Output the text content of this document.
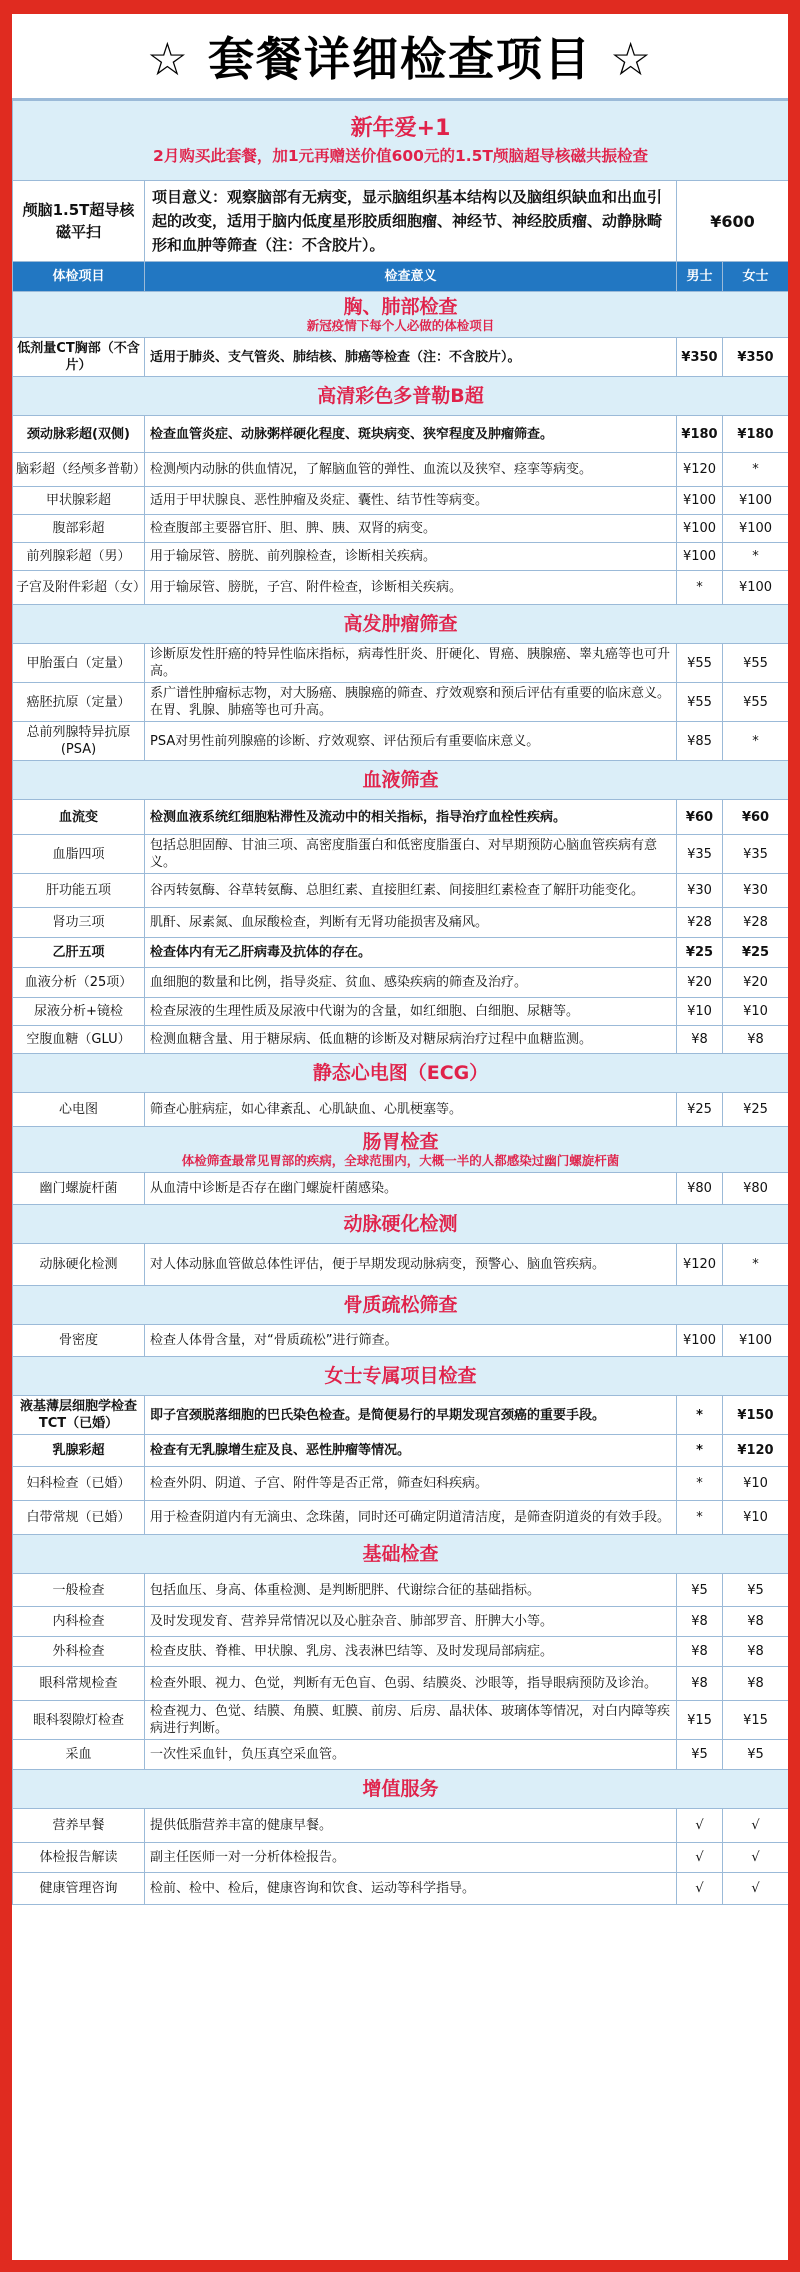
☆ 套餐详细检查项目 ☆
新年爱+1
2月购买此套餐，加1元再赠送价值600元的1.5T颅脑超导核磁共振检查			

颅脑1.5T超导核磁平扫	项目意义：观察脑部有无病变，显示脑组织基本结构以及脑组织缺血和出血引起的改变，适用于脑内低度星形胶质细胞瘤、神经节、神经胶质瘤、动静脉畸形和血肿等筛查（注：不含胶片）。	¥600	
体检项目	检查意义	男士	女士

胸、肺部检查
新冠疫情下每个人必做的体检项目			

低剂量CT胸部（不含片）	适用于肺炎、支气管炎、肺结核、肺癌等检查（注：不含胶片）。	¥350	¥350

高清彩色多普勒B超			

颈动脉彩超(双侧)	检查血管炎症、动脉粥样硬化程度、斑块病变、狭窄程度及肿瘤筛查。	¥180	¥180
脑彩超（经颅多普勒）	检测颅内动脉的供血情况，了解脑血管的弹性、血流以及狭窄、痉挛等病变。	¥120	*
甲状腺彩超	适用于甲状腺良、恶性肿瘤及炎症、囊性、结节性等病变。	¥100	¥100
腹部彩超	检查腹部主要器官肝、胆、脾、胰、双肾的病变。	¥100	¥100
前列腺彩超（男）	用于输尿管、膀胱、前列腺检查，诊断相关疾病。	¥100	*
子宫及附件彩超（女）	用于输尿管、膀胱，子宫、附件检查，诊断相关疾病。	*	¥100

高发肿瘤筛查			

甲胎蛋白（定量）	诊断原发性肝癌的特异性临床指标，病毒性肝炎、肝硬化、胃癌、胰腺癌、睾丸癌等也可升高。	¥55	¥55
癌胚抗原（定量）	系广谱性肿瘤标志物，对大肠癌、胰腺癌的筛查、疗效观察和预后评估有重要的临床意义。在胃、乳腺、肺癌等也可升高。	¥55	¥55
总前列腺特异抗原(PSA)	PSA对男性前列腺癌的诊断、疗效观察、评估预后有重要临床意义。	¥85	*

血液筛查			

血流变	检测血液系统红细胞粘滞性及流动中的相关指标，指导治疗血栓性疾病。	¥60	¥60
血脂四项	包括总胆固醇、甘油三项、高密度脂蛋白和低密度脂蛋白、对早期预防心脑血管疾病有意义。	¥35	¥35
肝功能五项	谷丙转氨酶、谷草转氨酶、总胆红素、直接胆红素、间接胆红素检查了解肝功能变化。	¥30	¥30
肾功三项	肌酐、尿素氮、血尿酸检查，判断有无肾功能损害及痛风。	¥28	¥28
乙肝五项	检查体内有无乙肝病毒及抗体的存在。	¥25	¥25
血液分析（25项）	血细胞的数量和比例，指导炎症、贫血、感染疾病的筛查及治疗。	¥20	¥20
尿液分析+镜检	检查尿液的生理性质及尿液中代谢为的含量，如红细胞、白细胞、尿糖等。	¥10	¥10
空腹血糖（GLU）	检测血糖含量、用于糖尿病、低血糖的诊断及对糖尿病治疗过程中血糖监测。	¥8	¥8

静态心电图（ECG）			

心电图	筛查心脏病症，如心律紊乱、心肌缺血、心肌梗塞等。	¥25	¥25

肠胃检查
体检筛查最常见胃部的疾病，全球范围内，大概一半的人都感染过幽门螺旋杆菌			

幽门螺旋杆菌	从血清中诊断是否存在幽门螺旋杆菌感染。	¥80	¥80

动脉硬化检测			

动脉硬化检测	对人体动脉血管做总体性评估，便于早期发现动脉病变，预警心、脑血管疾病。	¥120	*

骨质疏松筛查			

骨密度	检查人体骨含量，对“骨质疏松”进行筛查。	¥100	¥100

女士专属项目检查			

液基薄层细胞学检查TCT（已婚）	即子宫颈脱落细胞的巴氏染色检查。是简便易行的早期发现宫颈癌的重要手段。	*	¥150
乳腺彩超	检查有无乳腺增生症及良、恶性肿瘤等情况。	*	¥120
妇科检查（已婚）	检查外阴、阴道、子宫、附件等是否正常，筛查妇科疾病。	*	¥10
白带常规（已婚）	用于检查阴道内有无滴虫、念珠菌，同时还可确定阴道清洁度，是筛查阴道炎的有效手段。	*	¥10

基础检查			

一般检查	包括血压、身高、体重检测、是判断肥胖、代谢综合征的基础指标。	¥5	¥5
内科检查	及时发现发育、营养异常情况以及心脏杂音、肺部罗音、肝脾大小等。	¥8	¥8
外科检查	检查皮肤、脊椎、甲状腺、乳房、浅表淋巴结等、及时发现局部病症。	¥8	¥8
眼科常规检查	检查外眼、视力、色觉，判断有无色盲、色弱、结膜炎、沙眼等，指导眼病预防及诊治。	¥8	¥8
眼科裂隙灯检查	检查视力、色觉、结膜、角膜、虹膜、前房、后房、晶状体、玻璃体等情况，对白内障等疾病进行判断。	¥15	¥15
采血	一次性采血针，负压真空采血管。	¥5	¥5

增值服务			

营养早餐	提供低脂营养丰富的健康早餐。	√	√
体检报告解读	副主任医师一对一分析体检报告。	√	√
健康管理咨询	检前、检中、检后，健康咨询和饮食、运动等科学指导。	√	√
